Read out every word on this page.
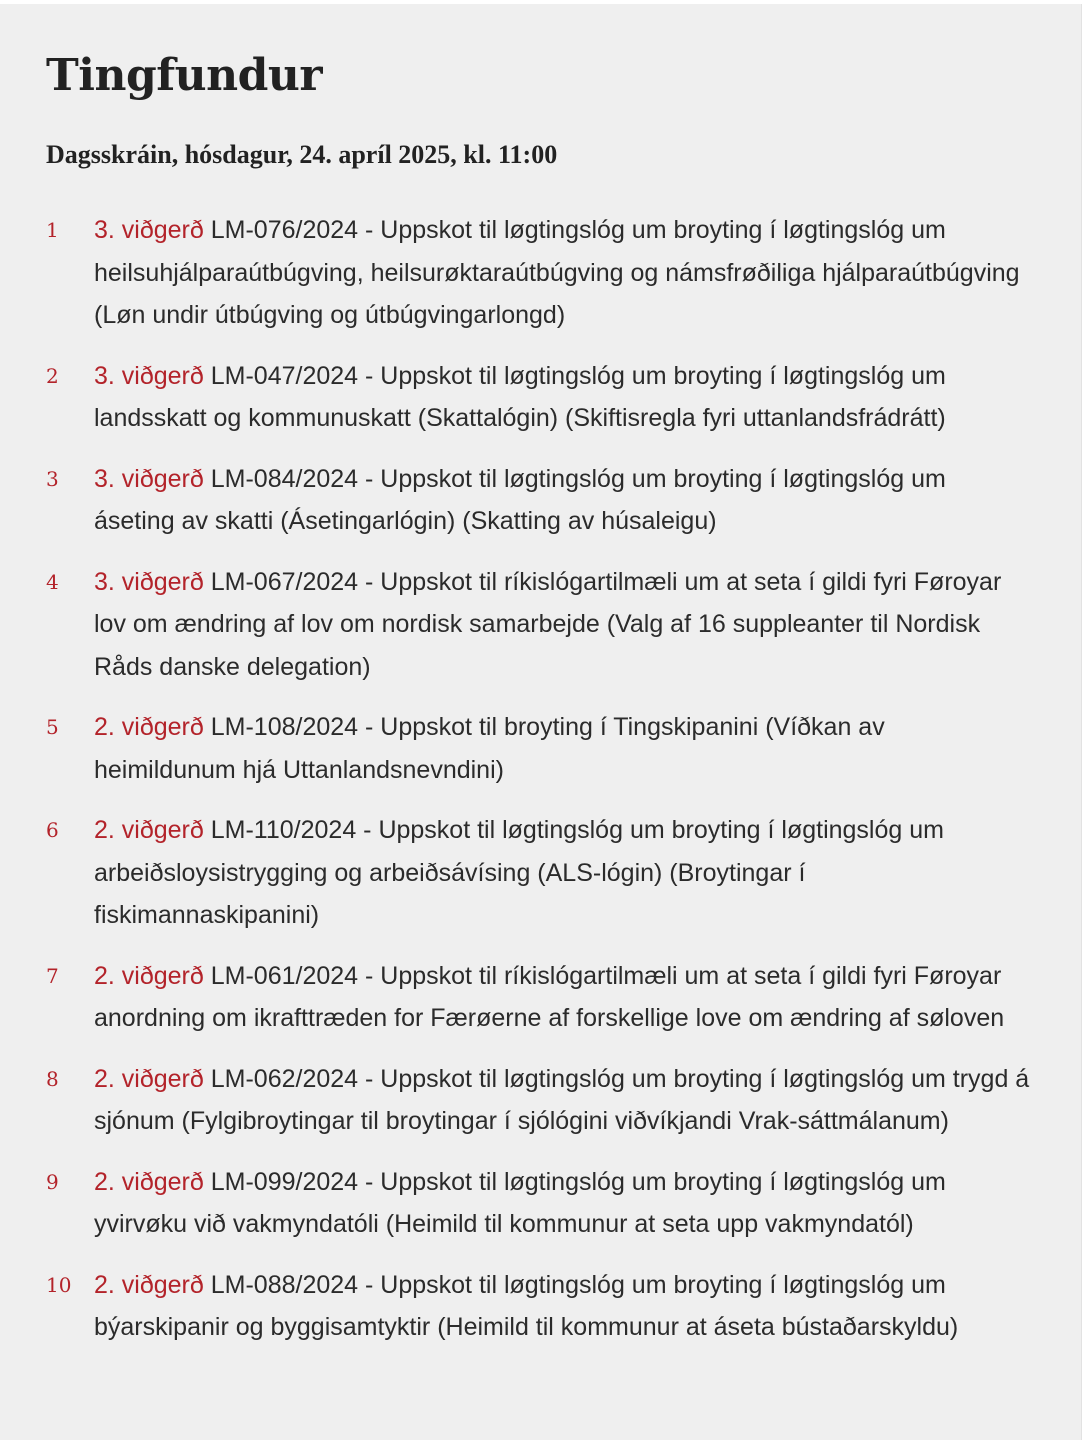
Tingfundur
Dagsskráin, hósdagur, 24. apríl 2025, kl. 11:00
1 3. viðgerð LM-076/2024 - Uppskot til løgtingslóg um broyting í løgtingslóg um heilsuhjálparaútbúgving, heilsurøktaraútbúgving og námsfrøðiliga hjálparaútbúgving (Løn undir útbúgving og útbúgvingarlongd)
2 3. viðgerð LM-047/2024 - Uppskot til løgtingslóg um broyting í løgtingslóg um landsskatt og kommunuskatt (Skattalógin) (Skiftisregla fyri uttanlandsfrádrátt)
3 3. viðgerð LM-084/2024 - Uppskot til løgtingslóg um broyting í løgtingslóg um áseting av skatti (Ásetingarlógin) (Skatting av húsaleigu)
4 3. viðgerð LM-067/2024 - Uppskot til ríkislógartilmæli um at seta í gildi fyri Føroyar lov om ændring af lov om nordisk samarbejde (Valg af 16 suppleanter til Nordisk Råds danske delegation)
5 2. viðgerð LM-108/2024 - Uppskot til broyting í Tingskipanini (Víðkan av heimildunum hjá Uttanlandsnevndini)
6 2. viðgerð LM-110/2024 - Uppskot til løgtingslóg um broyting í løgtingslóg um arbeiðsloysistrygging og arbeiðsávísing (ALS-lógin) (Broytingar í fiskimannaskipanini)
7 2. viðgerð LM-061/2024 - Uppskot til ríkislógartilmæli um at seta í gildi fyri Føroyar anordning om ikrafttræden for Færøerne af forskellige love om ændring af søloven
8 2. viðgerð LM-062/2024 - Uppskot til løgtingslóg um broyting í løgtingslóg um trygd á sjónum (Fylgibroytingar til broytingar í sjólógini viðvíkjandi Vrak-sáttmálanum)
9 2. viðgerð LM-099/2024 - Uppskot til løgtingslóg um broyting í løgtingslóg um yvirvøku við vakmyndatóli (Heimild til kommunur at seta upp vakmyndatól)
10 2. viðgerð LM-088/2024 - Uppskot til løgtingslóg um broyting í løgtingslóg um býarskipanir og byggisamtyktir (Heimild til kommunur at áseta bústaðarskyldu)
